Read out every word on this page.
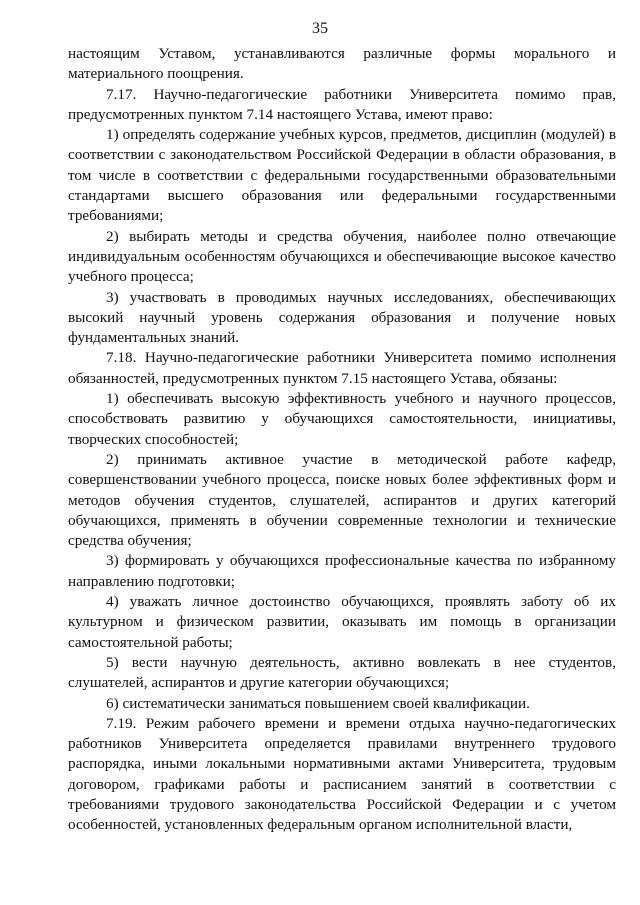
35

настоящим Уставом, устанавливаются различные формы морального и материального поощрения.

7.17. Научно-педагогические работники Университета помимо прав, предусмотренных пунктом 7.14 настоящего Устава, имеют право:

1) определять содержание учебных курсов, предметов, дисциплин (модулей) в соответствии с законодательством Российской Федерации в области образования, в том числе в соответствии с федеральными государственными образовательными стандартами высшего образования или федеральными государственными требованиями;

2) выбирать методы и средства обучения, наиболее полно отвечающие индивидуальным особенностям обучающихся и обеспечивающие высокое качество учебного процесса;

3) участвовать в проводимых научных исследованиях, обеспечивающих высокий научный уровень содержания образования и получение новых фундаментальных знаний.

7.18. Научно-педагогические работники Университета помимо исполнения обязанностей, предусмотренных пунктом 7.15 настоящего Устава, обязаны:

1) обеспечивать высокую эффективность учебного и научного процессов, способствовать развитию у обучающихся самостоятельности, инициативы, творческих способностей;

2) принимать активное участие в методической работе кафедр, совершенствовании учебного процесса, поиске новых более эффективных форм и методов обучения студентов, слушателей, аспирантов и других категорий обучающихся, применять в обучении современные технологии и технические средства обучения;

3) формировать у обучающихся профессиональные качества по избранному направлению подготовки;

4) уважать личное достоинство обучающихся, проявлять заботу об их культурном и физическом развитии, оказывать им помощь в организации самостоятельной работы;

5) вести научную деятельность, активно вовлекать в нее студентов, слушателей, аспирантов и другие категории обучающихся;

6) систематически заниматься повышением своей квалификации.

7.19. Режим рабочего времени и времени отдыха научно-педагогических работников Университета определяется правилами внутреннего трудового распорядка, иными локальными нормативными актами Университета, трудовым договором, графиками работы и расписанием занятий в соответствии с требованиями трудового законодательства Российской Федерации и с учетом особенностей, установленных федеральным органом исполнительной власти,
